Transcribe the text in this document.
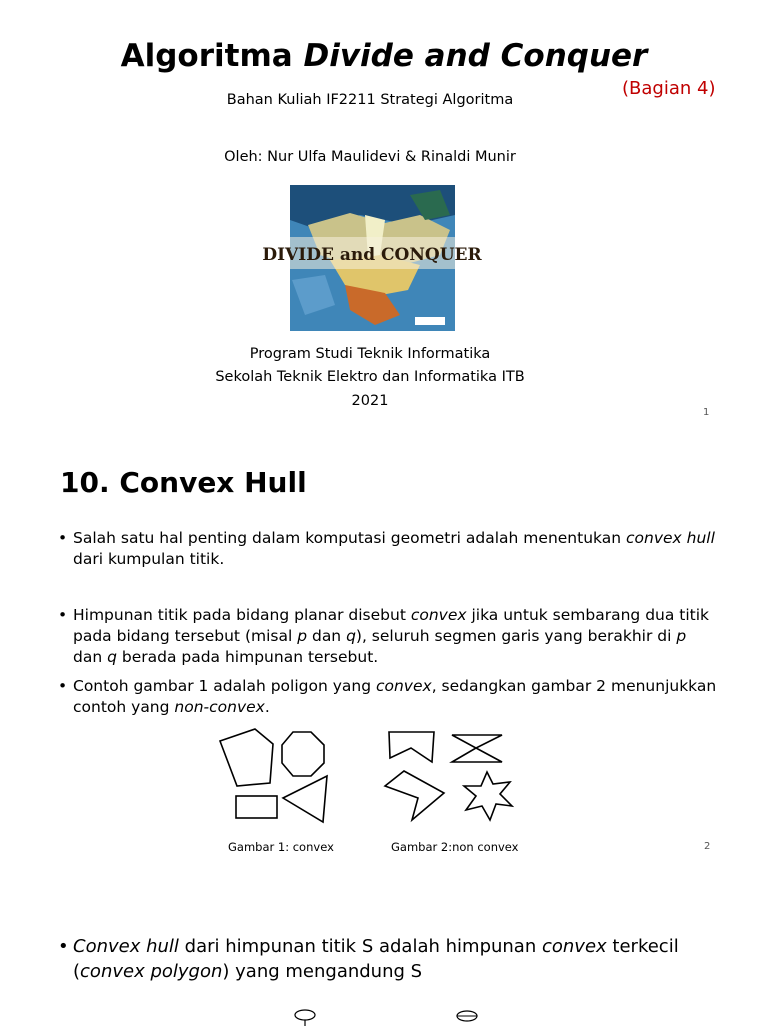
Algoritma Divide and Conquer
(Bagian 4)
Bahan Kuliah IF2211 Strategi Algoritma
Oleh: Nur Ulfa Maulidevi & Rinaldi Munir
DIVIDE and CONQUER
Program Studi Teknik Informatika
Sekolah Teknik Elektro dan Informatika ITB
2021
1
10. Convex Hull
• Salah satu hal penting dalam komputasi geometri adalah menentukan convex hull dari kumpulan titik.
• Himpunan titik pada bidang planar disebut convex jika untuk sembarang dua titik pada bidang tersebut (misal p dan q), seluruh segmen garis yang berakhir di p dan q berada pada himpunan tersebut.
• Contoh gambar 1 adalah poligon yang convex, sedangkan gambar 2 menunjukkan contoh yang non-convex.
Gambar 1: convex	Gambar 2:non convex	2
• Convex hull dari himpunan titik S adalah himpunan convex terkecil (convex polygon) yang mengandung S
